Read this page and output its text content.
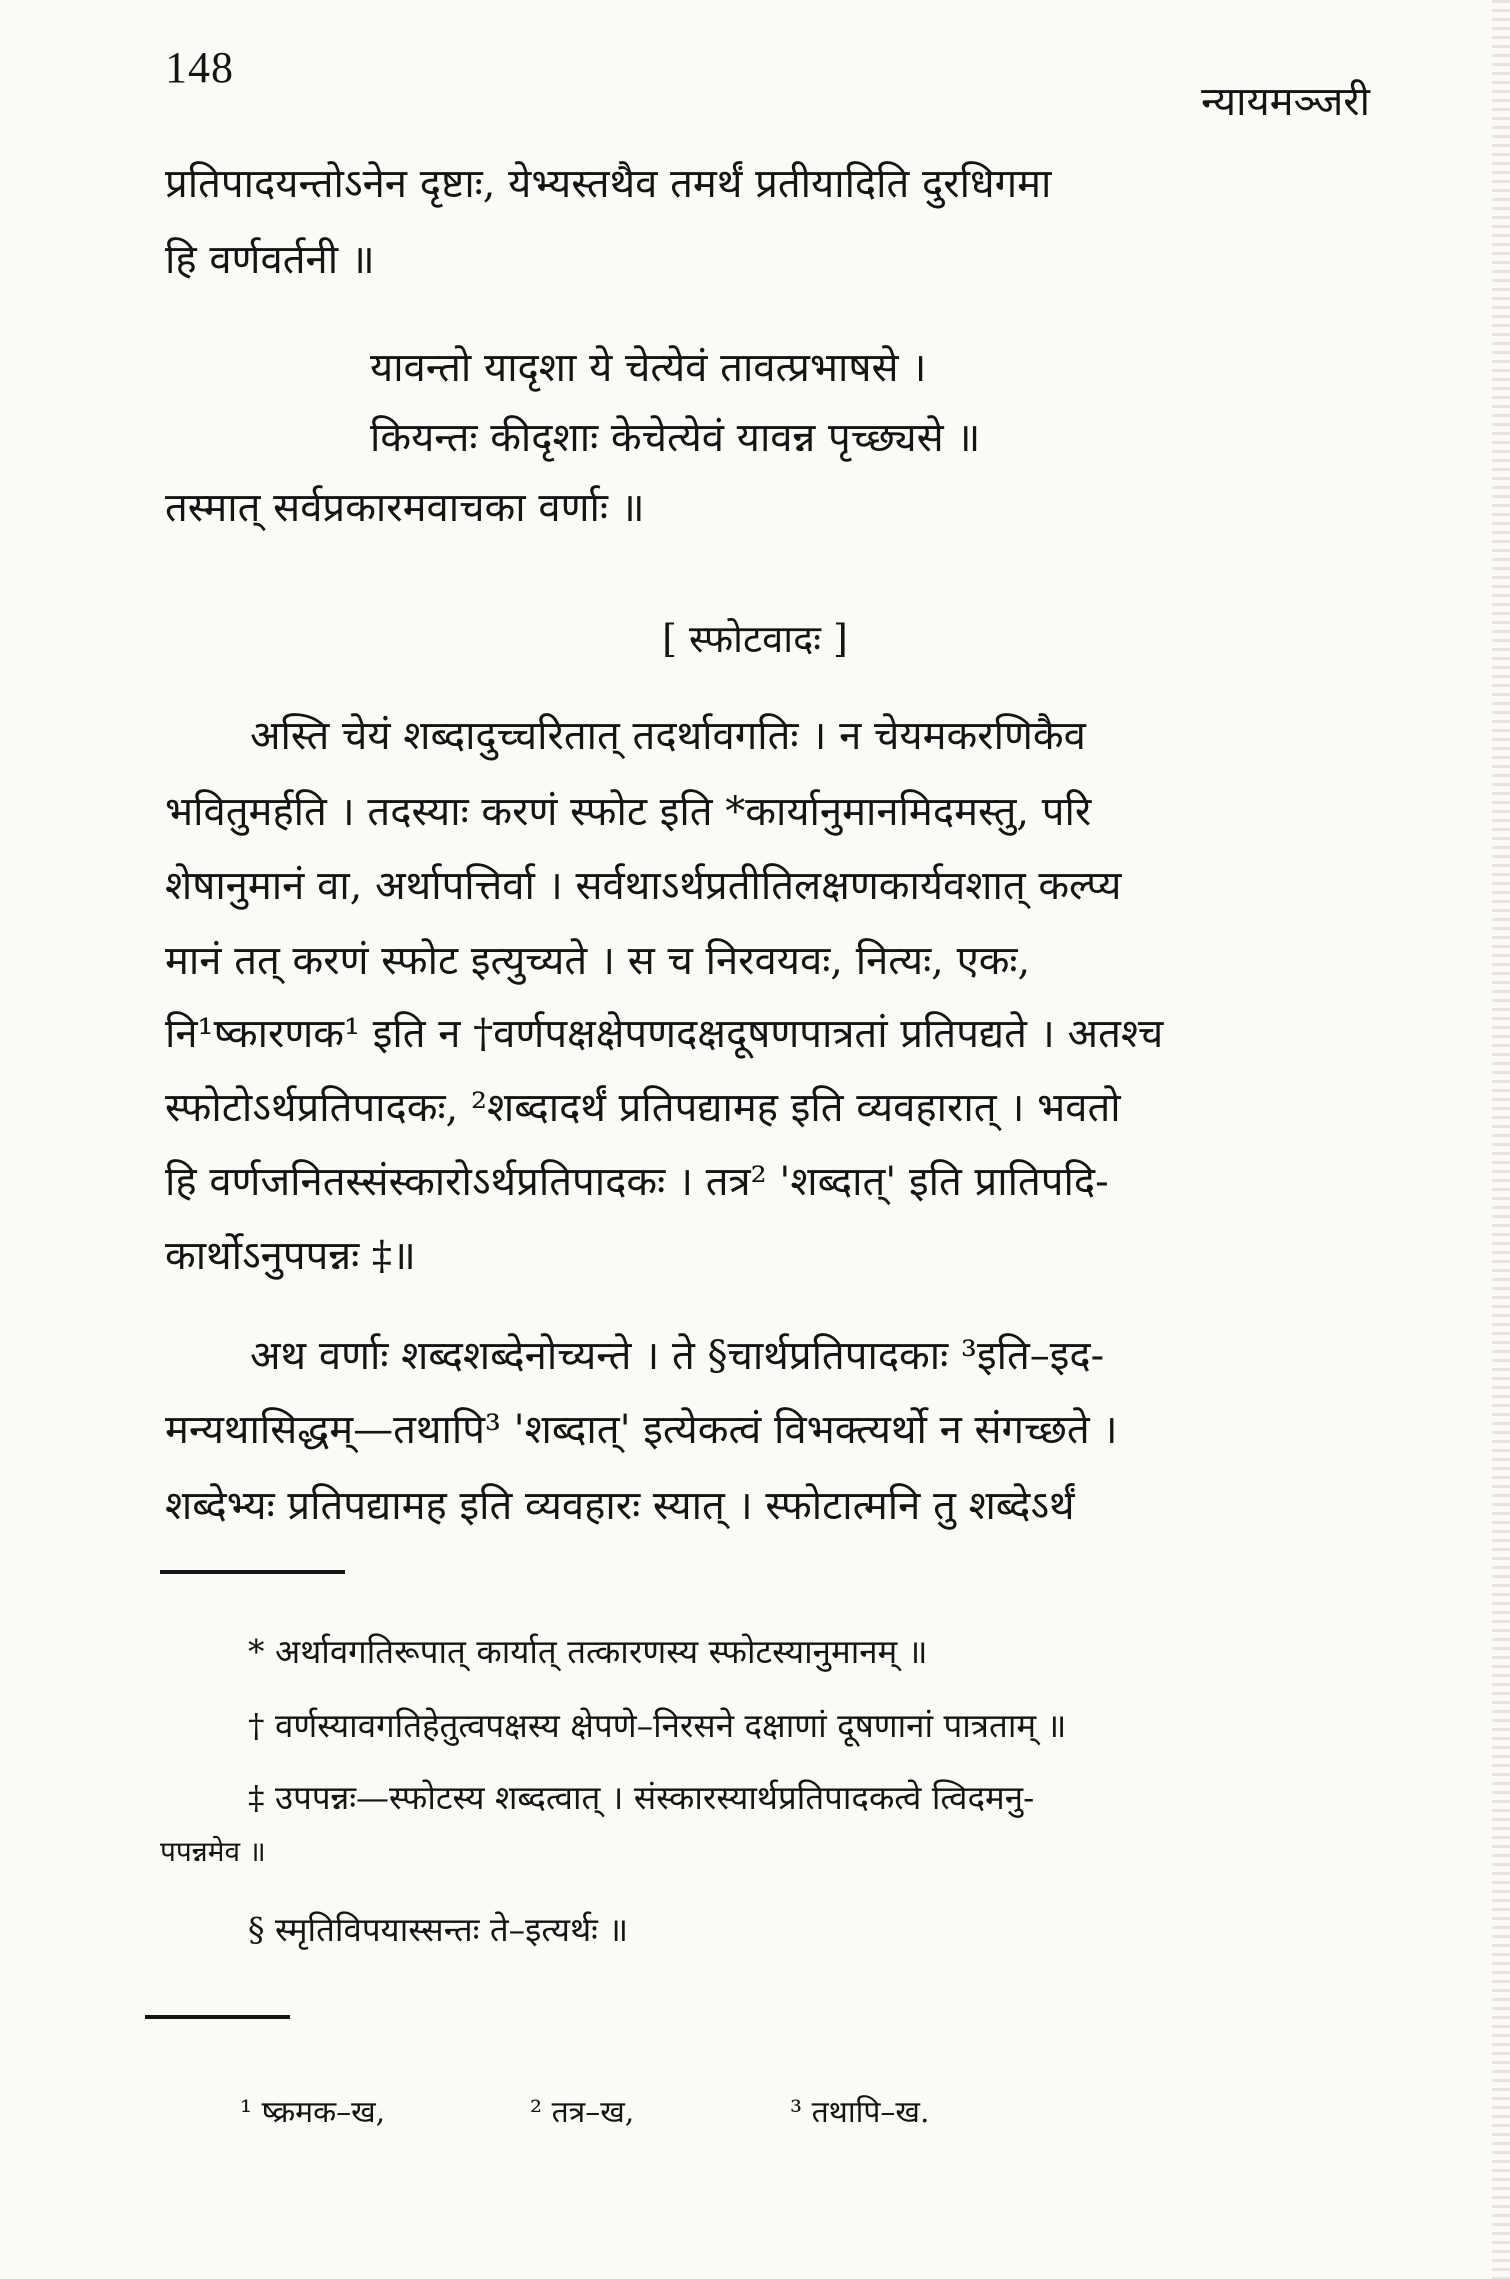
148
न्यायमञ्जरी
प्रतिपादयन्तोऽनेन दृष्टाः, येभ्यस्तथैव तमर्थं प्रतीयादिति दुरधिगमा
हि वर्णवर्तनी ॥
यावन्तो यादृशा ये चेत्येवं तावत्प्रभाषसे ।
कियन्तः कीदृशाः केचेत्येवं यावन्न पृच्छ्यसे ॥
तस्मात् सर्वप्रकारमवाचका वर्णाः ॥
[ स्फोटवादः ]
अस्ति चेयं शब्दादुच्चरितात् तदर्थावगतिः । न चेयमकरणिकैव
भवितुमर्हति । तदस्याः करणं स्फोट इति *कार्यानुमानमिदमस्तु, परि
शेषानुमानं वा, अर्थापत्तिर्वा । सर्वथाऽर्थप्रतीतिलक्षणकार्यवशात् कल्प्य
मानं तत् करणं स्फोट इत्युच्यते । स च निरवयवः, नित्यः, एकः,
नि¹ष्कारणक¹ इति न †वर्णपक्षक्षेपणदक्षदूषणपात्रतां प्रतिपद्यते । अतश्च
स्फोटोऽर्थप्रतिपादकः, ²शब्दादर्थं प्रतिपद्यामह इति व्यवहारात् । भवतो
हि वर्णजनितस्संस्कारोऽर्थप्रतिपादकः । तत्र² 'शब्दात्' इति प्रातिपदि-
कार्थोऽनुपपन्नः ‡॥
अथ वर्णाः शब्दशब्देनोच्यन्ते । ते §चार्थप्रतिपादकाः ³इति–इद-
मन्यथासिद्धम्—तथापि³ 'शब्दात्' इत्येकत्वं विभक्त्यर्थो न संगच्छते ।
शब्देभ्यः प्रतिपद्यामह इति व्यवहारः स्यात् । स्फोटात्मनि तु शब्देऽर्थं
* अर्थावगतिरूपात् कार्यात् तत्कारणस्य स्फोटस्यानुमानम् ॥
† वर्णस्यावगतिहेतुत्वपक्षस्य क्षेपणे–निरसने दक्षाणां दूषणानां पात्रताम् ॥
‡ उपपन्नः—स्फोटस्य शब्दत्वात् । संस्कारस्यार्थप्रतिपादकत्वे त्विदमनु-
पपन्नमेव ॥
§ स्मृतिविपयास्सन्तः ते–इत्यर्थः ॥
¹ ष्क्रमक–ख,	² तत्र–ख,	³ तथापि–ख.
